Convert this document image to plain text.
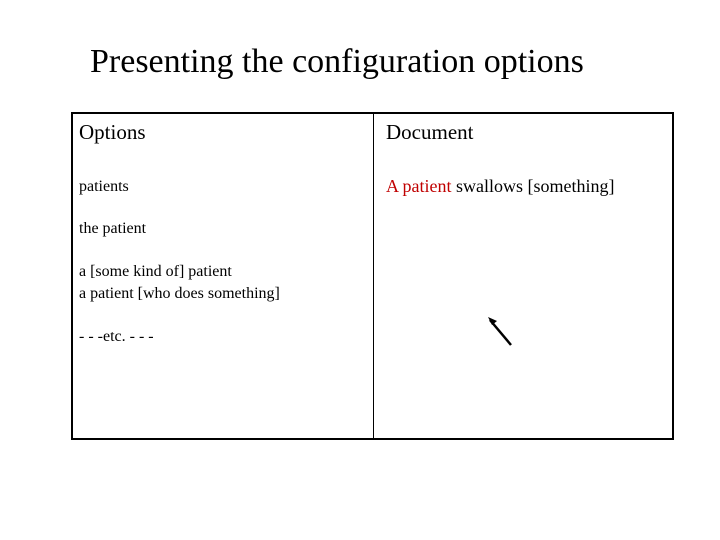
Presenting the configuration options
Options	Document
patients
the patient
a [some kind of] patient
a patient [who does something]
- - -etc. - - -
A patient swallows [something]
